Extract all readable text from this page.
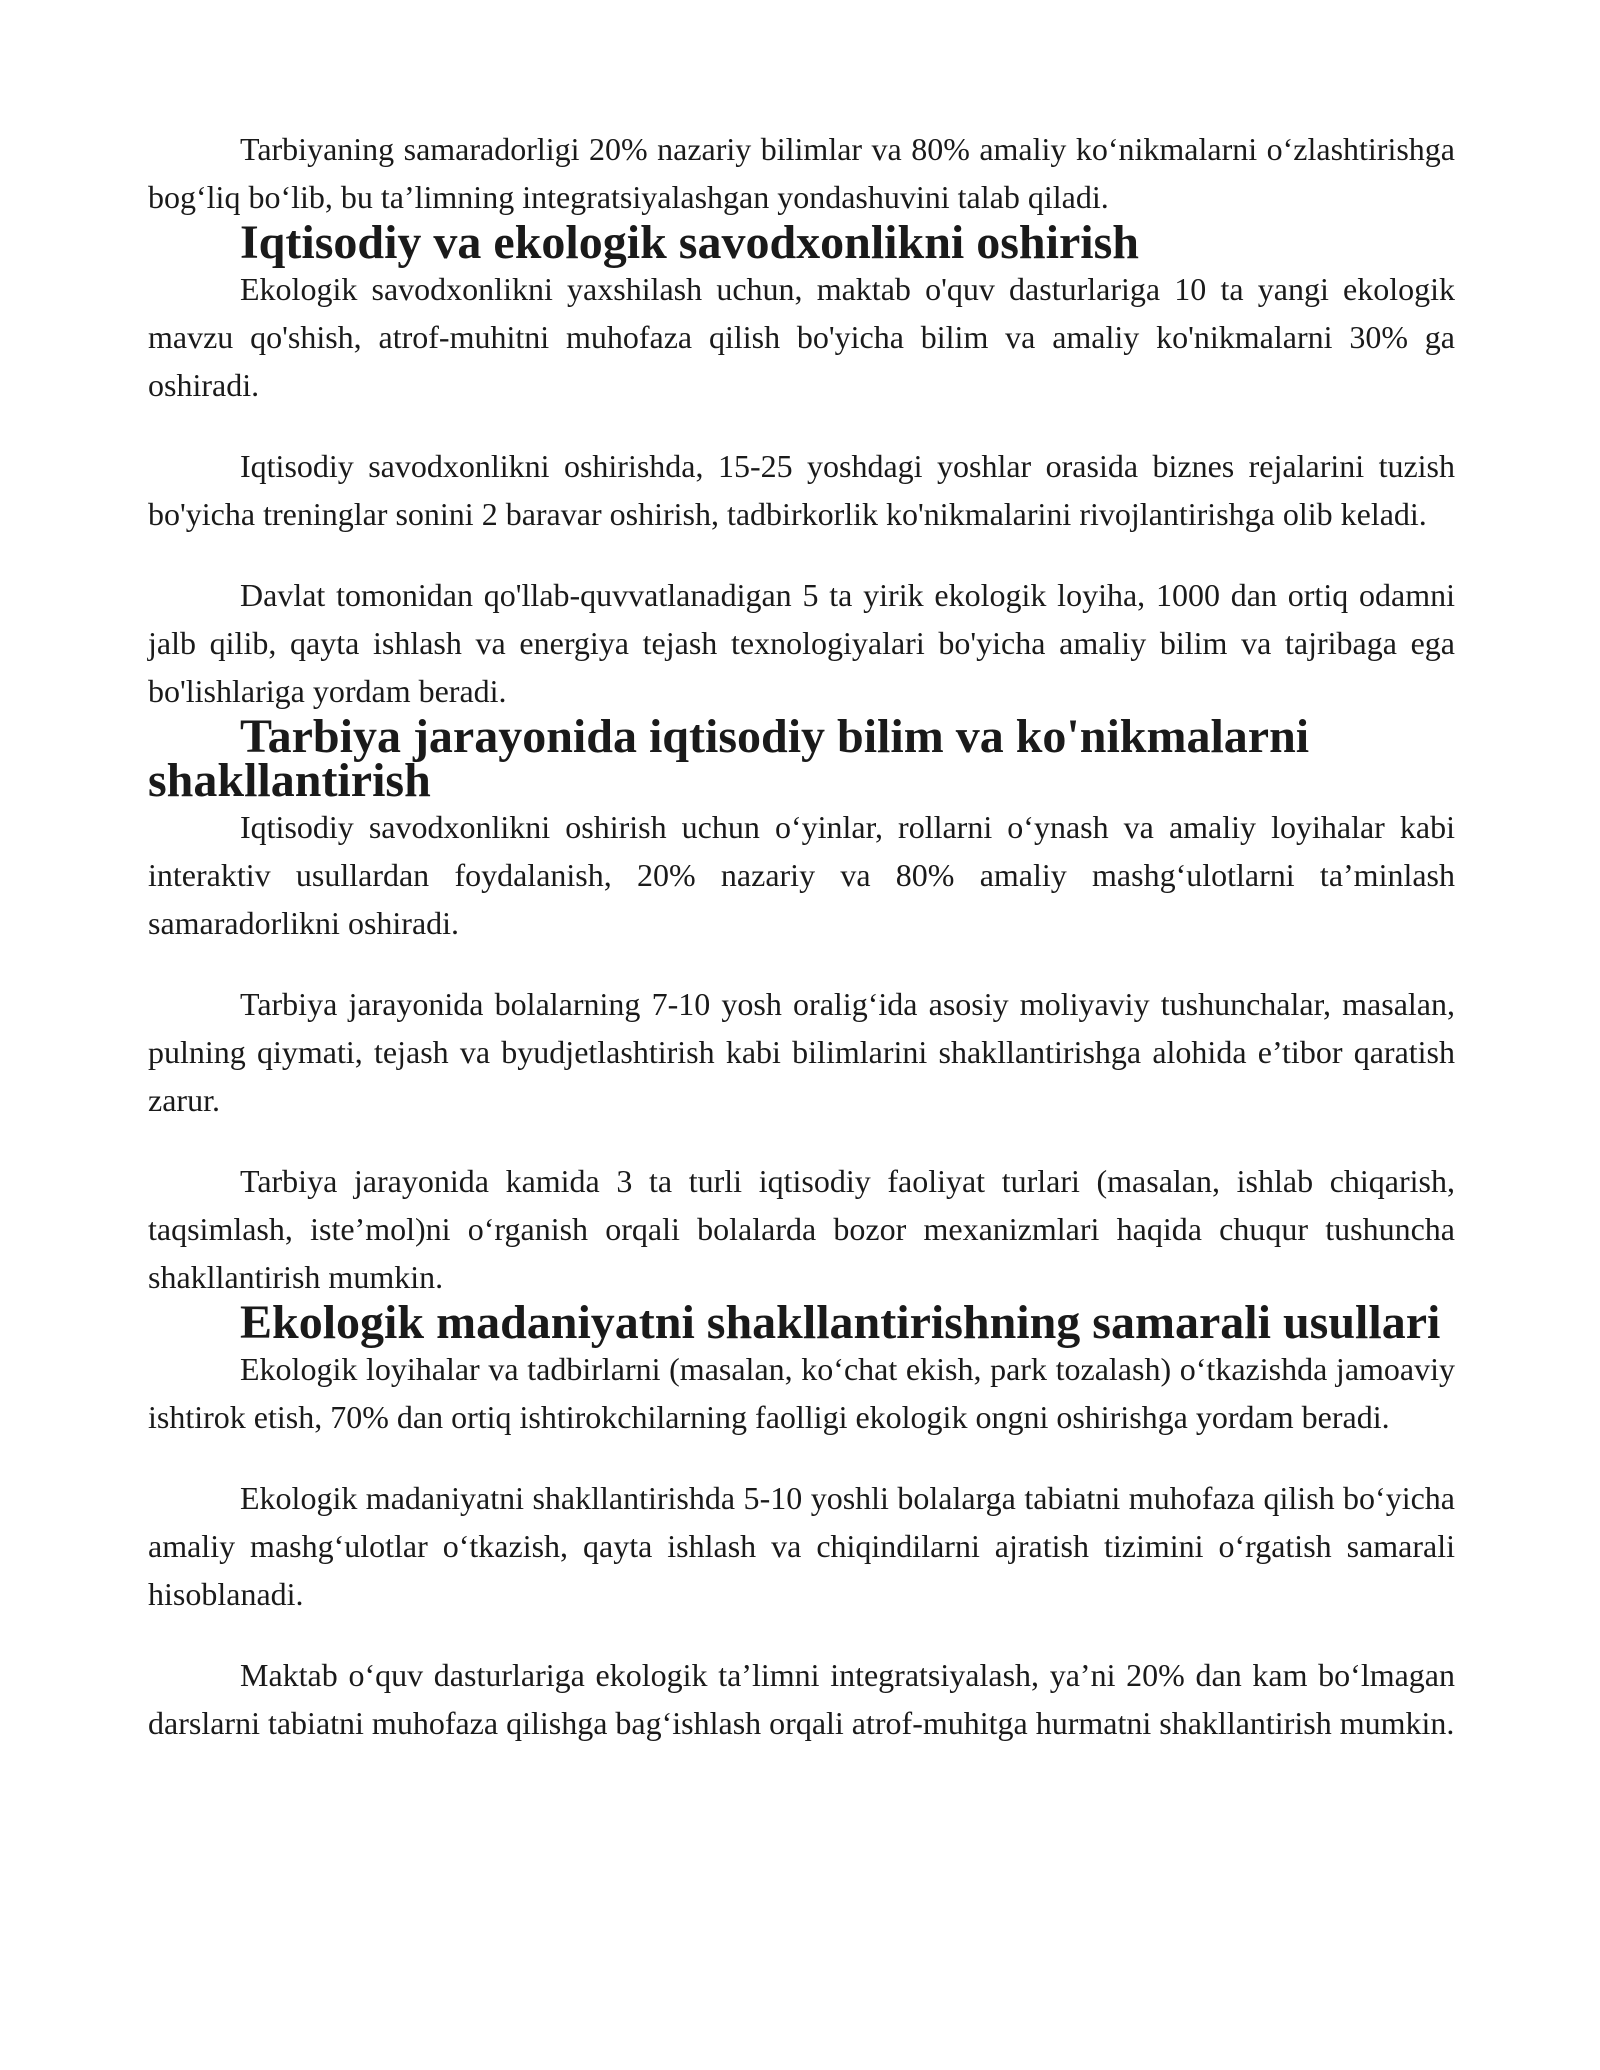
Tarbiyaning samaradorligi 20% nazariy bilimlar va 80% amaliy ko‘nikmalarni o‘zlashtirishga bog‘liq bo‘lib, bu ta’limning integratsiyalashgan yondashuvini talab qiladi.

Iqtisodiy va ekologik savodxonlikni oshirish

Ekologik savodxonlikni yaxshilash uchun, maktab o'quv dasturlariga 10 ta yangi ekologik mavzu qo'shish, atrof-muhitni muhofaza qilish bo'yicha bilim va amaliy ko'nikmalarni 30% ga oshiradi.

Iqtisodiy savodxonlikni oshirishda, 15-25 yoshdagi yoshlar orasida biznes rejalarini tuzish bo'yicha treninglar sonini 2 baravar oshirish, tadbirkorlik ko'nikmalarini rivojlantirishga olib keladi.

Davlat tomonidan qo'llab-quvvatlanadigan 5 ta yirik ekologik loyiha, 1000 dan ortiq odamni jalb qilib, qayta ishlash va energiya tejash texnologiyalari bo'yicha amaliy bilim va tajribaga ega bo'lishlariga yordam beradi.

Tarbiya jarayonida iqtisodiy bilim va ko'nikmalarni shakllantirish

Iqtisodiy savodxonlikni oshirish uchun o‘yinlar, rollarni o‘ynash va amaliy loyihalar kabi interaktiv usullardan foydalanish, 20% nazariy va 80% amaliy mashg‘ulotlarni ta’minlash samaradorlikni oshiradi.

Tarbiya jarayonida bolalarning 7-10 yosh oralig‘ida asosiy moliyaviy tushunchalar, masalan, pulning qiymati, tejash va byudjetlashtirish kabi bilimlarini shakllantirishga alohida e’tibor qaratish zarur.

Tarbiya jarayonida kamida 3 ta turli iqtisodiy faoliyat turlari (masalan, ishlab chiqarish, taqsimlash, iste’mol)ni o‘rganish orqali bolalarda bozor mexanizmlari haqida chuqur tushuncha shakllantirish mumkin.

Ekologik madaniyatni shakllantirishning samarali usullari

Ekologik loyihalar va tadbirlarni (masalan, ko‘chat ekish, park tozalash) o‘tkazishda jamoaviy ishtirok etish, 70% dan ortiq ishtirokchilarning faolligi ekologik ongni oshirishga yordam beradi.

Ekologik madaniyatni shakllantirishda 5-10 yoshli bolalarga tabiatni muhofaza qilish bo‘yicha amaliy mashg‘ulotlar o‘tkazish, qayta ishlash va chiqindilarni ajratish tizimini o‘rgatish samarali hisoblanadi.

Maktab o‘quv dasturlariga ekologik ta’limni integratsiyalash, ya’ni 20% dan kam bo‘lmagan darslarni tabiatni muhofaza qilishga bag‘ishlash orqali atrof-muhitga hurmatni shakllantirish mumkin.
